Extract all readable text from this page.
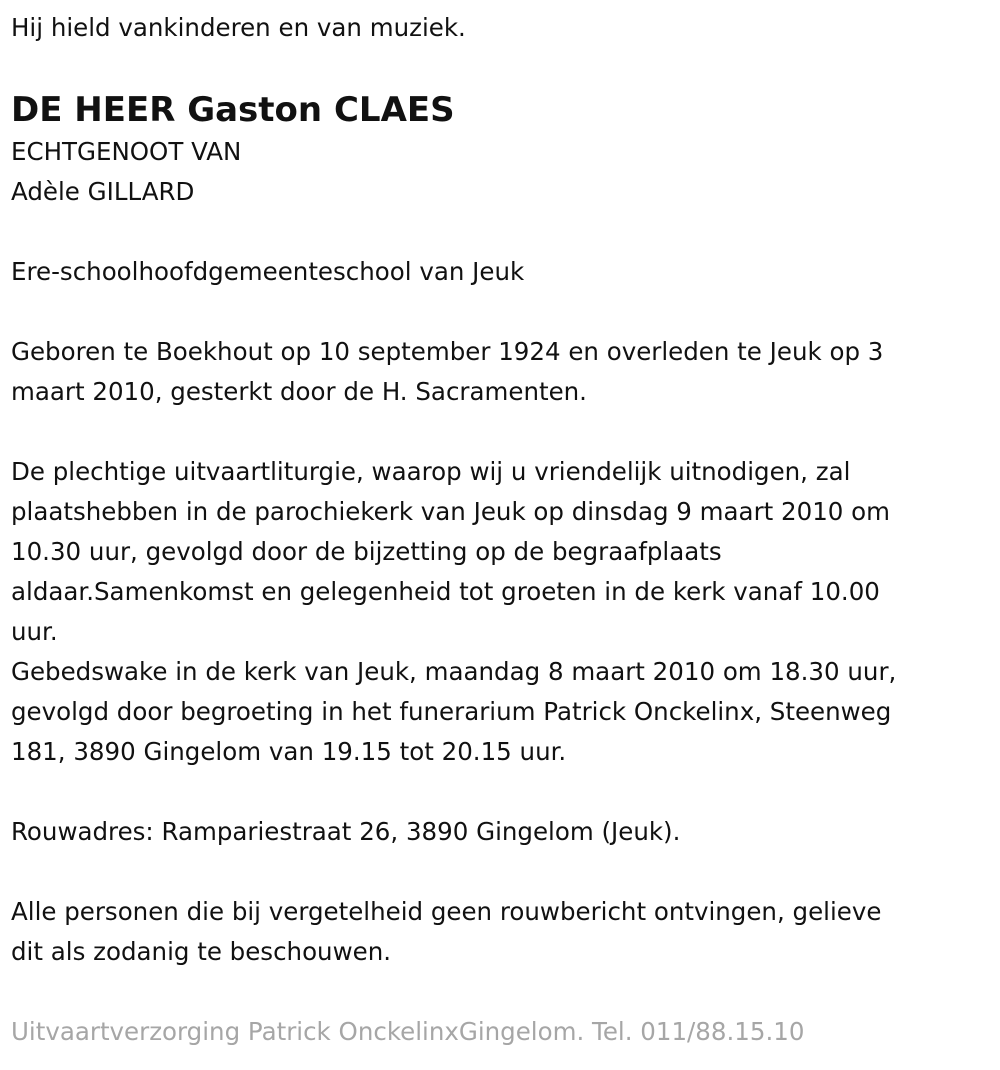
Hij hield vankinderen en van muziek.

DE HEER Gaston CLAES

ECHTGENOOT VAN

Adèle GILLARD

Ere-schoolhoofdgemeenteschool van Jeuk

Geboren te Boekhout op 10 september 1924 en overleden te Jeuk op 3

maart 2010, gesterkt door de H. Sacramenten.

De plechtige uitvaartliturgie, waarop wij u vriendelijk uitnodigen, zal

plaatshebben in de parochiekerk van Jeuk op dinsdag 9 maart 2010 om

10.30 uur, gevolgd door de bijzetting op de begraafplaats

aldaar.Samenkomst en gelegenheid tot groeten in de kerk vanaf 10.00

uur.

Gebedswake in de kerk van Jeuk, maandag 8 maart 2010 om 18.30 uur,

gevolgd door begroeting in het funerarium Patrick Onckelinx, Steenweg

181, 3890 Gingelom van 19.15 tot 20.15 uur.

Rouwadres: Rampariestraat 26, 3890 Gingelom (Jeuk).

Alle personen die bij vergetelheid geen rouwbericht ontvingen, gelieve

dit als zodanig te beschouwen.

Uitvaartverzorging Patrick OnckelinxGingelom. Tel. 011/88.15.10
